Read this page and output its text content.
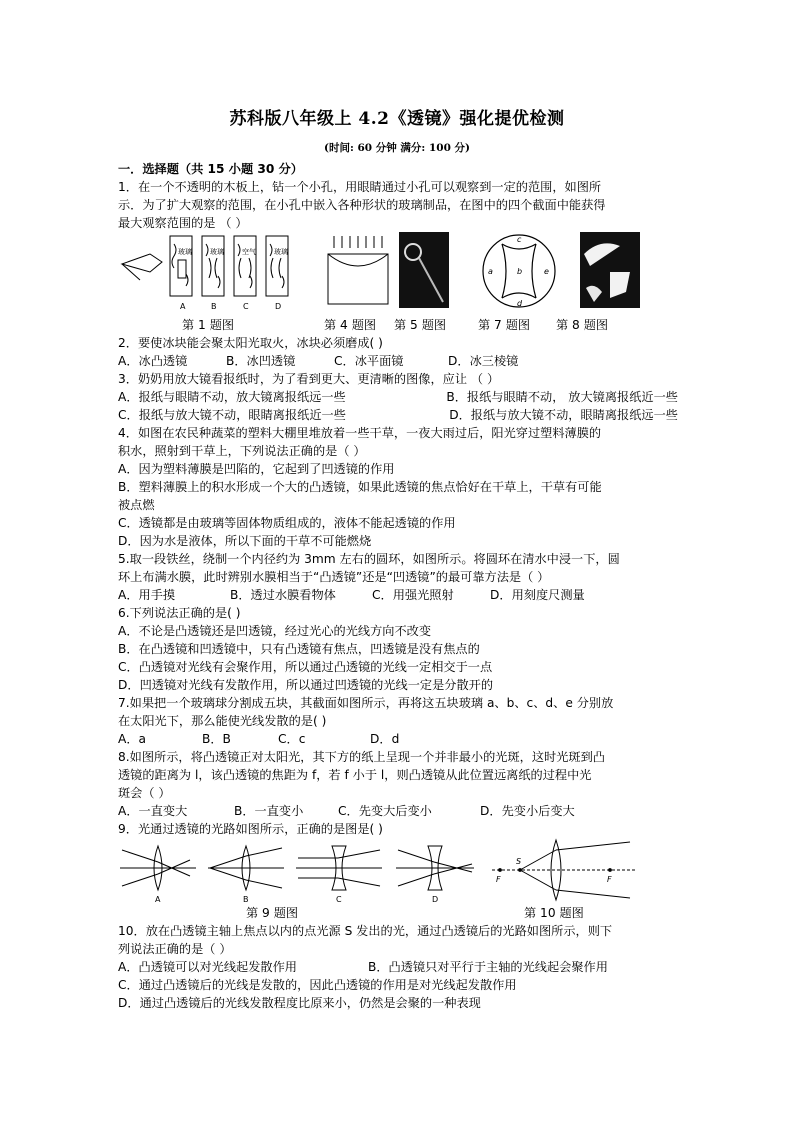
苏科版八年级上 4.2《透镜》强化提优检测
(时间: 60 分钟 满分: 100 分)
一．选择题（共 15 小题 30 分）
1．在一个不透明的木板上，钻一个小孔，用眼睛通过小孔可以观察到一定的范围，如图所
示．为了扩大观察的范围，在小孔中嵌入各种形状的玻璃制品，在图中的四个截面中能获得
最大观察范围的是 （ ）
玻璃	玻璃	空气	玻璃
A	B	C	D
c
a	b	e
d
第 1 题图	第 4 题图 第 5 题图	第 7 题图 第 8 题图
2．要使冰块能会聚太阳光取火，冰块必须磨成( )
A．冰凸透镜	B．冰凹透镜	C．冰平面镜	D．冰三棱镜
3．奶奶用放大镜看报纸时，为了看到更大、更清晰的图像，应让 （ ）
A．报纸与眼睛不动，放大镜离报纸远一些	B．报纸与眼睛不动， 放大镜离报纸近一些
C．报纸与放大镜不动，眼睛离报纸近一些	D．报纸与放大镜不动，眼睛离报纸远一些
4．如图在农民种蔬菜的塑料大棚里堆放着一些干草，一夜大雨过后，阳光穿过塑料薄膜的
积水，照射到干草上，下列说法正确的是（ ）
A．因为塑料薄膜是凹陷的，它起到了凹透镜的作用
B．塑料薄膜上的积水形成一个大的凸透镜，如果此透镜的焦点恰好在干草上，干草有可能
被点燃
C．透镜都是由玻璃等固体物质组成的，液体不能起透镜的作用
D．因为水是液体，所以下面的干草不可能燃烧
5.取一段铁丝，绕制一个内径约为 3mm 左右的圆环，如图所示。将圆环在清水中浸一下，圆
环上布满水膜，此时辨别水膜相当于“凸透镜”还是“凹透镜”的最可靠方法是（ ）
A．用手摸	B．透过水膜看物体	C．用强光照射	D．用刻度尺测量
6.下列说法正确的是( )
A．不论是凸透镜还是凹透镜，经过光心的光线方向不改变
B．在凸透镜和凹透镜中，只有凸透镜有焦点，凹透镜是没有焦点的
C．凸透镜对光线有会聚作用，所以通过凸透镜的光线一定相交于一点
D．凹透镜对光线有发散作用，所以通过凹透镜的光线一定是分散开的
7.如果把一个玻璃球分割成五块，其截面如图所示，再将这五块玻璃 a、b、c、d、e 分别放
在太阳光下，那么能使光线发散的是( )
A．a	B．B	C．c	D．d
8.如图所示，将凸透镜正对太阳光，其下方的纸上呈现一个并非最小的光斑，这时光斑到凸
透镜的距离为 l，该凸透镜的焦距为 f，若 f 小于 l，则凸透镜从此位置远离纸的过程中光
斑会（ ）
A．一直变大	B．一直变小	C．先变大后变小	D．先变小后变大
9．光通过透镜的光路如图所示，正确的是图是( )
A	B	C	D
S
F	F
第 9 题图	第 10 题图
10．放在凸透镜主轴上焦点以内的点光源 S 发出的光，通过凸透镜后的光路如图所示，则下
列说法正确的是（ ）
A．凸透镜可以对光线起发散作用	B．凸透镜只对平行于主轴的光线起会聚作用
C．通过凸透镜后的光线是发散的，因此凸透镜的作用是对光线起发散作用
D．通过凸透镜后的光线发散程度比原来小，仍然是会聚的一种表现
